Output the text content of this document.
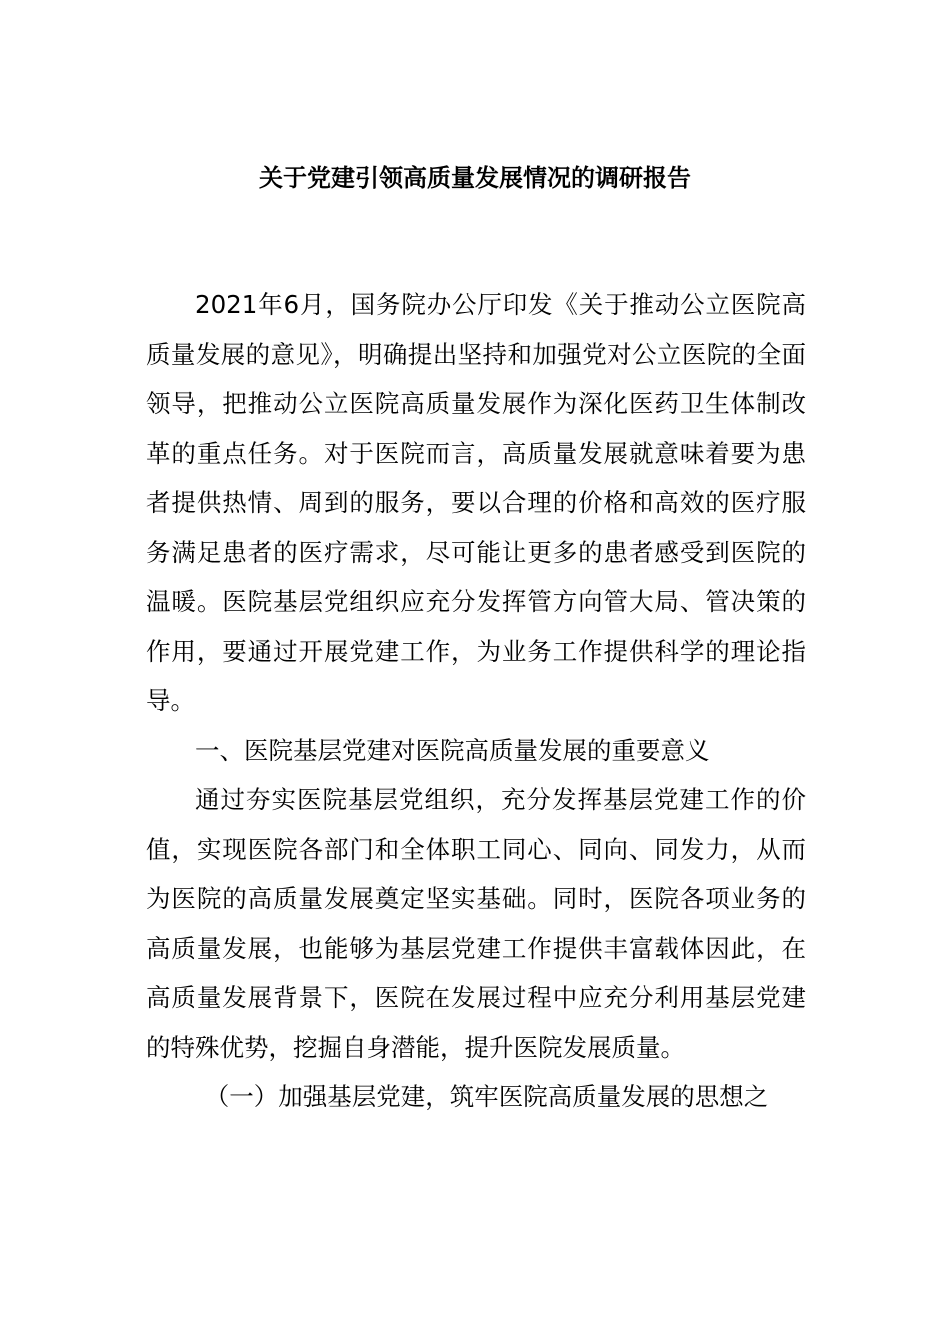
关于党建引领高质量发展情况的调研报告

2021年6月，国务院办公厅印发《关于推动公立医院高质量发展的意见》，明确提出坚持和加强党对公立医院的全面领导，把推动公立医院高质量发展作为深化医药卫生体制改革的重点任务。对于医院而言，高质量发展就意味着要为患者提供热情、周到的服务，要以合理的价格和高效的医疗服务满足患者的医疗需求，尽可能让更多的患者感受到医院的温暖。医院基层党组织应充分发挥管方向管大局、管决策的作用，要通过开展党建工作，为业务工作提供科学的理论指导。

一、医院基层党建对医院高质量发展的重要意义

通过夯实医院基层党组织，充分发挥基层党建工作的价值，实现医院各部门和全体职工同心、同向、同发力，从而为医院的高质量发展奠定坚实基础。同时，医院各项业务的高质量发展，也能够为基层党建工作提供丰富载体因此，在高质量发展背景下，医院在发展过程中应充分利用基层党建的特殊优势，挖掘自身潜能，提升医院发展质量。

（一）加强基层党建，筑牢医院高质量发展的思想之
